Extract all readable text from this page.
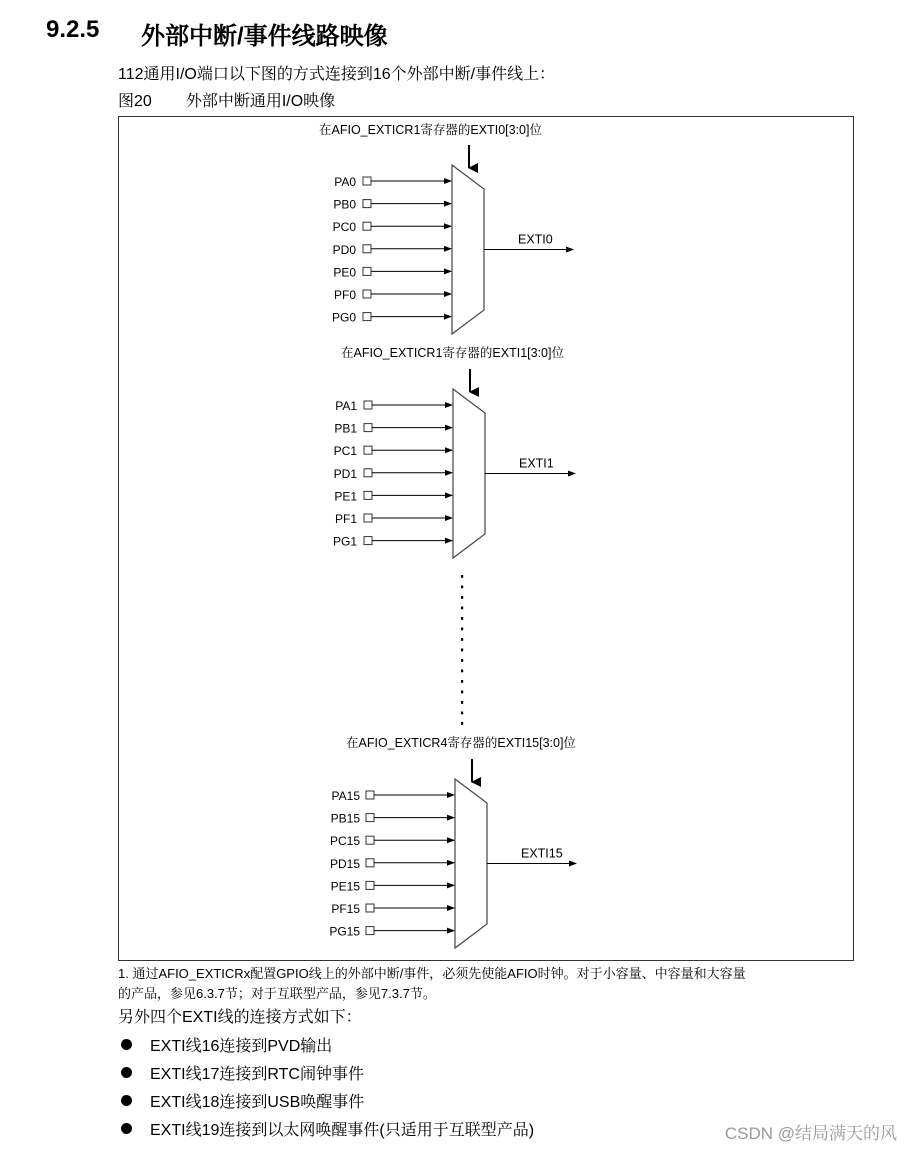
9.2.5 外部中断/事件线路映像
112通用I/O端口以下图的方式连接到16个外部中断/事件线上：
图20 外部中断通用I/O映像
在AFIO_EXTICR1寄存器的EXTI0[3:0]位
PA0
PB0
PC0
PD0
PE0
PF0
PG0
EXTI0
在AFIO_EXTICR1寄存器的EXTI1[3:0]位
PA1
PB1
PC1
PD1
PE1
PF1
PG1
EXTI1
在AFIO_EXTICR4寄存器的EXTI15[3:0]位
PA15
PB15
PC15
PD15
PE15
PF15
PG15
EXTI15
1. 通过AFIO_EXTICRx配置GPIO线上的外部中断/事件，必须先使能AFIO时钟。对于小容量、中容量和大容量
的产品，参见6.3.7节；对于互联型产品，参见7.3.7节。
另外四个EXTI线的连接方式如下：
EXTI线16连接到PVD输出
EXTI线17连接到RTC闹钟事件
EXTI线18连接到USB唤醒事件
EXTI线19连接到以太网唤醒事件(只适用于互联型产品)	CSDN @结局满天的风
